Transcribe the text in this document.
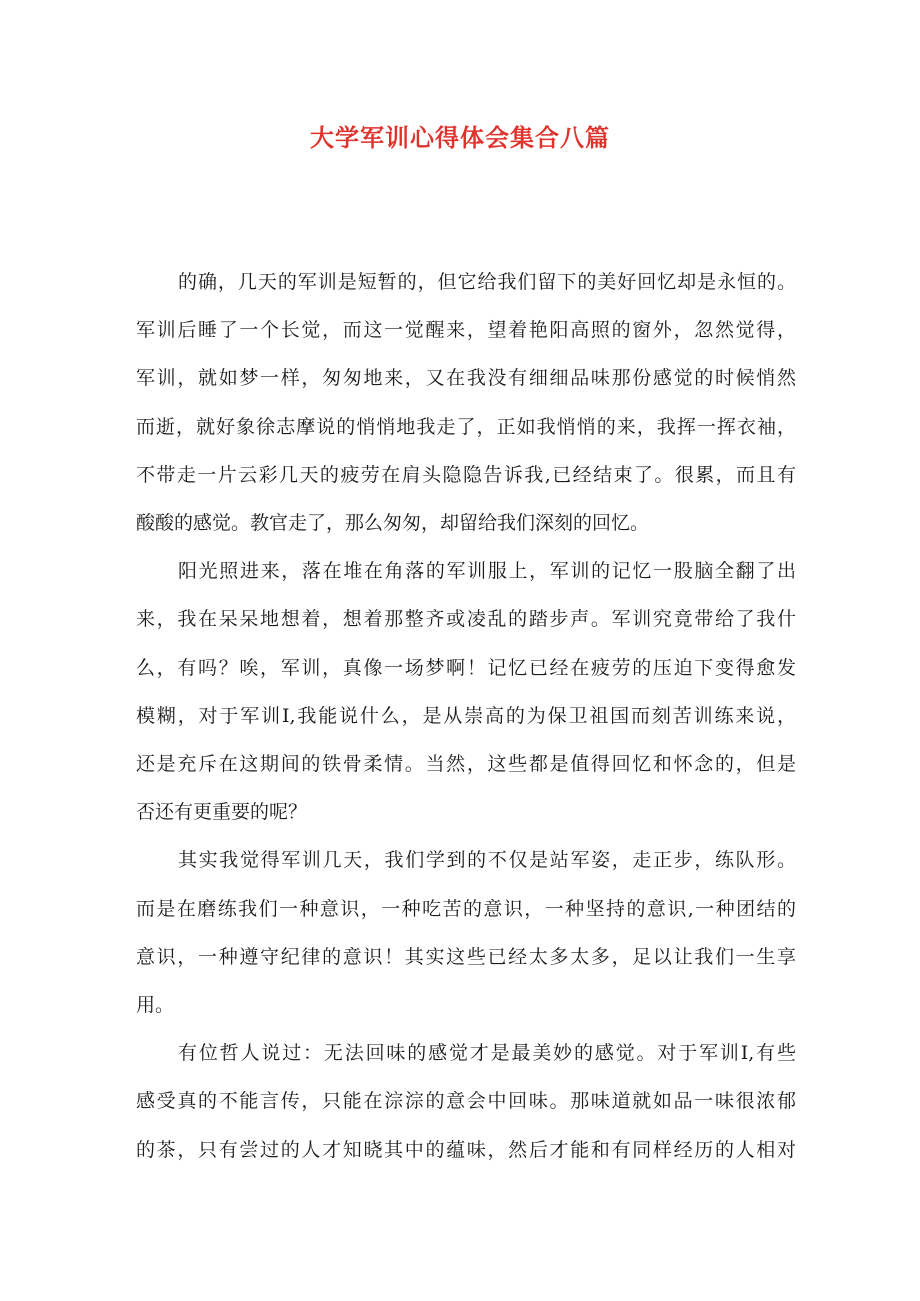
大学军训心得体会集合八篇

的确，几天的军训是短暂的，但它给我们留下的美好回忆却是永恒的。
军训后睡了一个长觉，而这一觉醒来，望着艳阳高照的窗外，忽然觉得，
军训，就如梦一样，匆匆地来，又在我没有细细品味那份感觉的时候悄然
而逝，就好象徐志摩说的悄悄地我走了，正如我悄悄的来，我挥一挥衣袖，
不带走一片云彩几天的疲劳在肩头隐隐告诉我,已经结束了。很累，而且有
酸酸的感觉。教官走了，那么匆匆，却留给我们深刻的回忆。

阳光照进来，落在堆在角落的军训服上，军训的记忆一股脑全翻了出
来，我在呆呆地想着，想着那整齐或凌乱的踏步声。军训究竟带给了我什
么，有吗？唉，军训，真像一场梦啊！记忆已经在疲劳的压迫下变得愈发
模糊，对于军训I,我能说什么，是从崇高的为保卫祖国而刻苦训练来说，
还是充斥在这期间的铁骨柔情。当然，这些都是值得回忆和怀念的，但是
否还有更重要的呢？

其实我觉得军训几天，我们学到的不仅是站军姿，走正步，练队形。
而是在磨练我们一种意识，一种吃苦的意识，一种坚持的意识,一种团结的
意识，一种遵守纪律的意识！其实这些已经太多太多，足以让我们一生享
用。

有位哲人说过：无法回味的感觉才是最美妙的感觉。对于军训I,有些
感受真的不能言传，只能在淙淙的意会中回味。那味道就如品一味很浓郁
的茶，只有尝过的人才知晓其中的蕴味，然后才能和有同样经历的人相对
